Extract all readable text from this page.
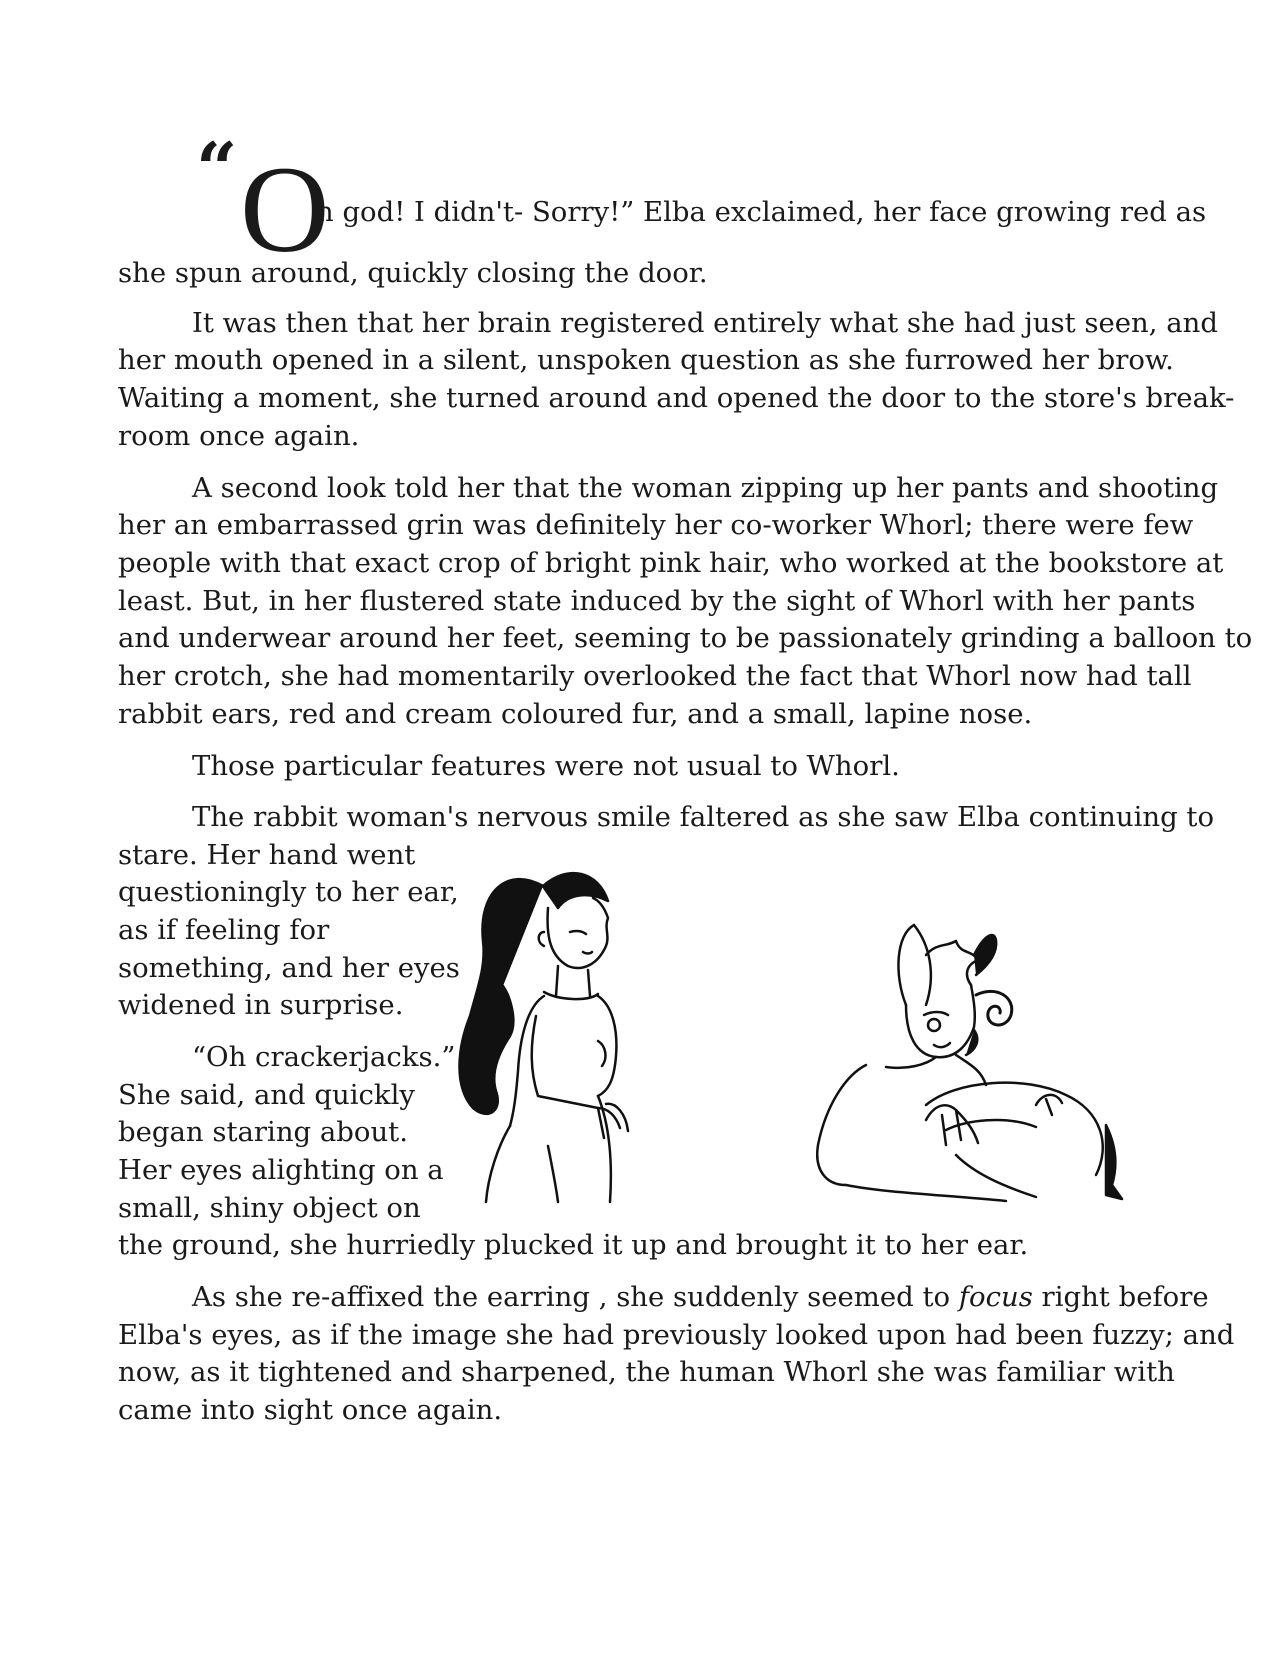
“ O
h god! I didn't- Sorry!” Elba exclaimed, her face growing red as
she spun around, quickly closing the door.
It was then that her brain registered entirely what she had just seen, and
her mouth opened in a silent, unspoken question as she furrowed her brow.
Waiting a moment, she turned around and opened the door to the store's break-
room once again.
A second look told her that the woman zipping up her pants and shooting
her an embarrassed grin was definitely her co-worker Whorl; there were few
people with that exact crop of bright pink hair, who worked at the bookstore at
least. But, in her flustered state induced by the sight of Whorl with her pants
and underwear around her feet, seeming to be passionately grinding a balloon to
her crotch, she had momentarily overlooked the fact that Whorl now had tall
rabbit ears, red and cream coloured fur, and a small, lapine nose.
Those particular features were not usual to Whorl.
The rabbit woman's nervous smile faltered as she saw Elba continuing to
stare. Her hand went
questioningly to her ear,
as if feeling for
something, and her eyes
widened in surprise.
“Oh crackerjacks.”
She said, and quickly
began staring about.
Her eyes alighting on a
small, shiny object on
the ground, she hurriedly plucked it up and brought it to her ear.
As she re-affixed the earring , she suddenly seemed to focus right before
Elba's eyes, as if the image she had previously looked upon had been fuzzy; and
now, as it tightened and sharpened, the human Whorl she was familiar with
came into sight once again.
